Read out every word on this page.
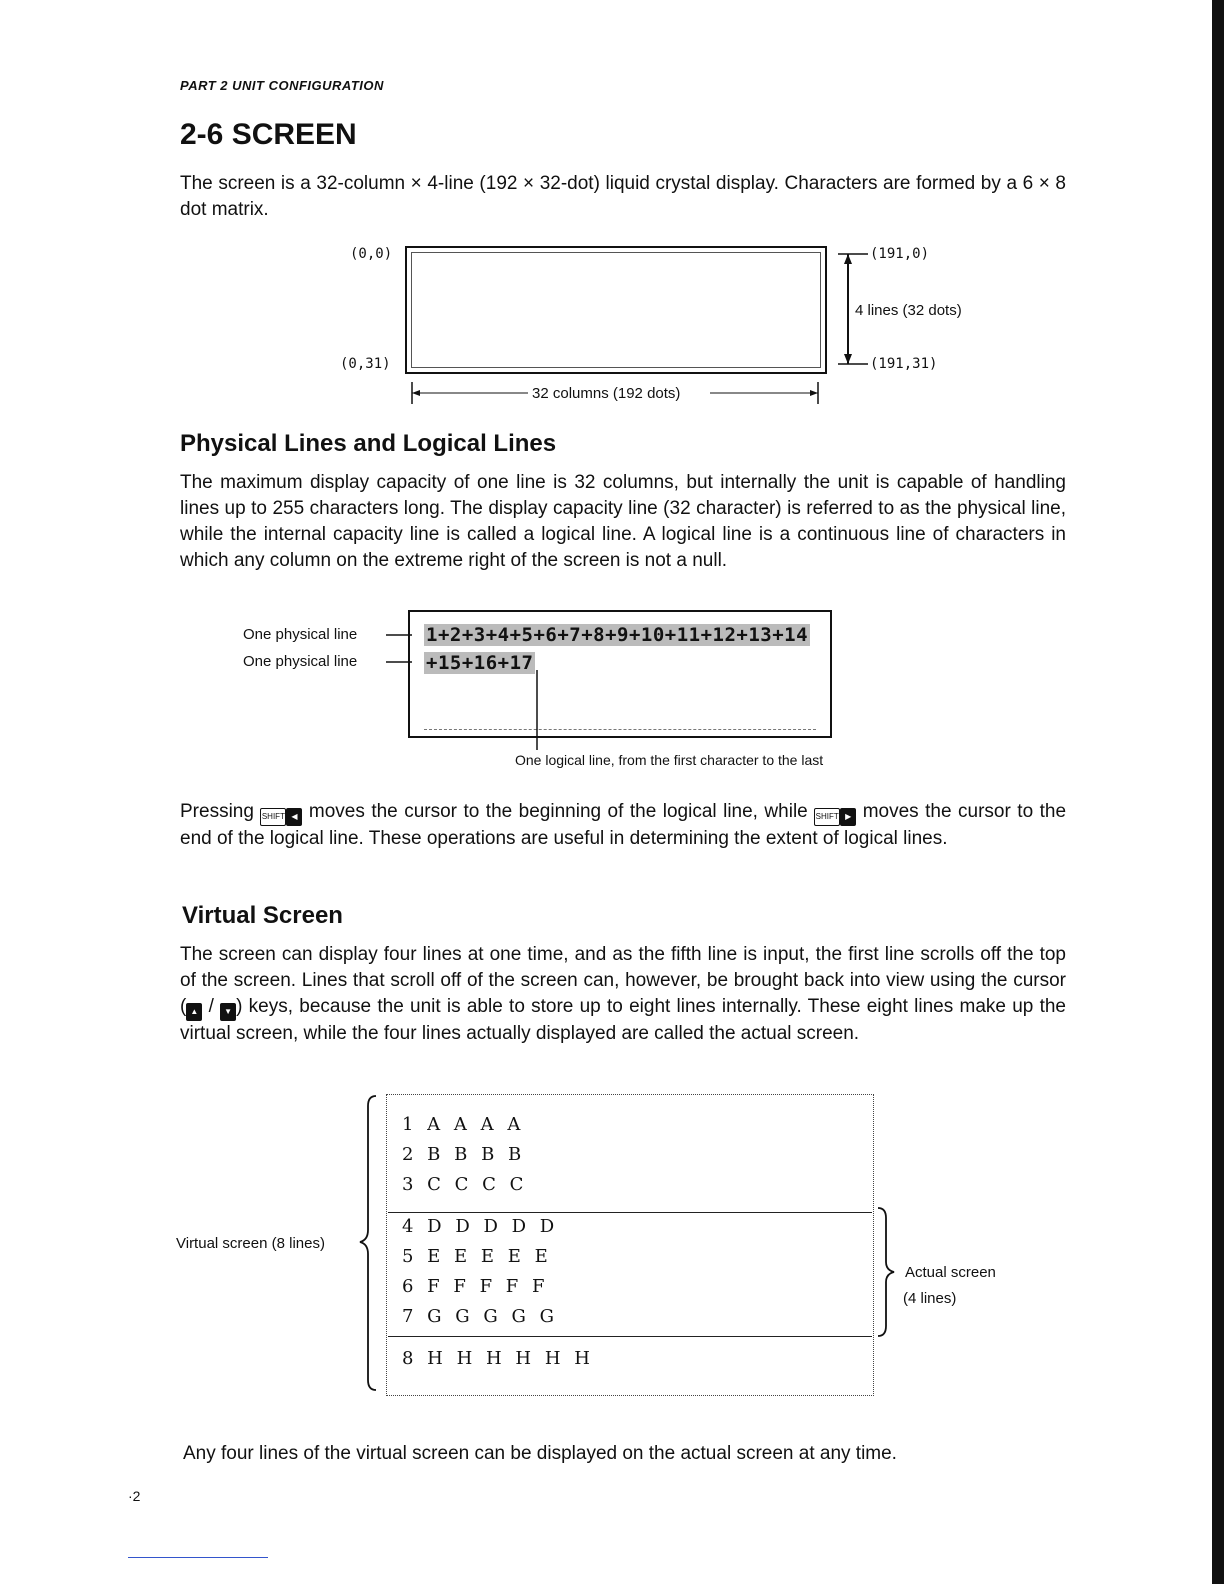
PART 2 UNIT CONFIGURATION
2-6 SCREEN
The screen is a 32-column × 4-line (192 × 32-dot) liquid crystal display. Characters are formed by a 6 × 8 dot matrix.
(0,0)
(0,31)
(191,0)
(191,31)
4 lines (32 dots)
32 columns (192 dots)
Physical Lines and Logical Lines
The maximum display capacity of one line is 32 columns, but internally the unit is capable of handling lines up to 255 characters long. The display capacity line (32 character) is referred to as the physical line, while the internal capacity line is called a logical line. A logical line is a continuous line of characters in which any column on the extreme right of the screen is not a null.
One physical line
One physical line
1+2+3+4+5+6+7+8+9+10+11+12+13+14
+15+16+17
One logical line, from the first character to the last
Pressing SHIFT ◀ moves the cursor to the beginning of the logical line, while SHIFT ▶ moves the cursor to the end of the logical line. These operations are useful in determining the extent of logical lines.
Virtual Screen
The screen can display four lines at one time, and as the fifth line is input, the first line scrolls off the top of the screen. Lines that scroll off of the screen can, however, be brought back into view using the cursor ( ▲ / ▼ ) keys, because the unit is able to store up to eight lines internally. These eight lines make up the virtual screen, while the four lines actually displayed are called the actual screen.
1 A A A A
2 B B B B
3 C C C C
4 D D D D D
5 E E E E E
6 F F F F F
7 G G G G G
8 H H H H H H
Virtual screen (8 lines)
Actual screen
(4 lines)
Any four lines of the virtual screen can be displayed on the actual screen at any time.
·2
